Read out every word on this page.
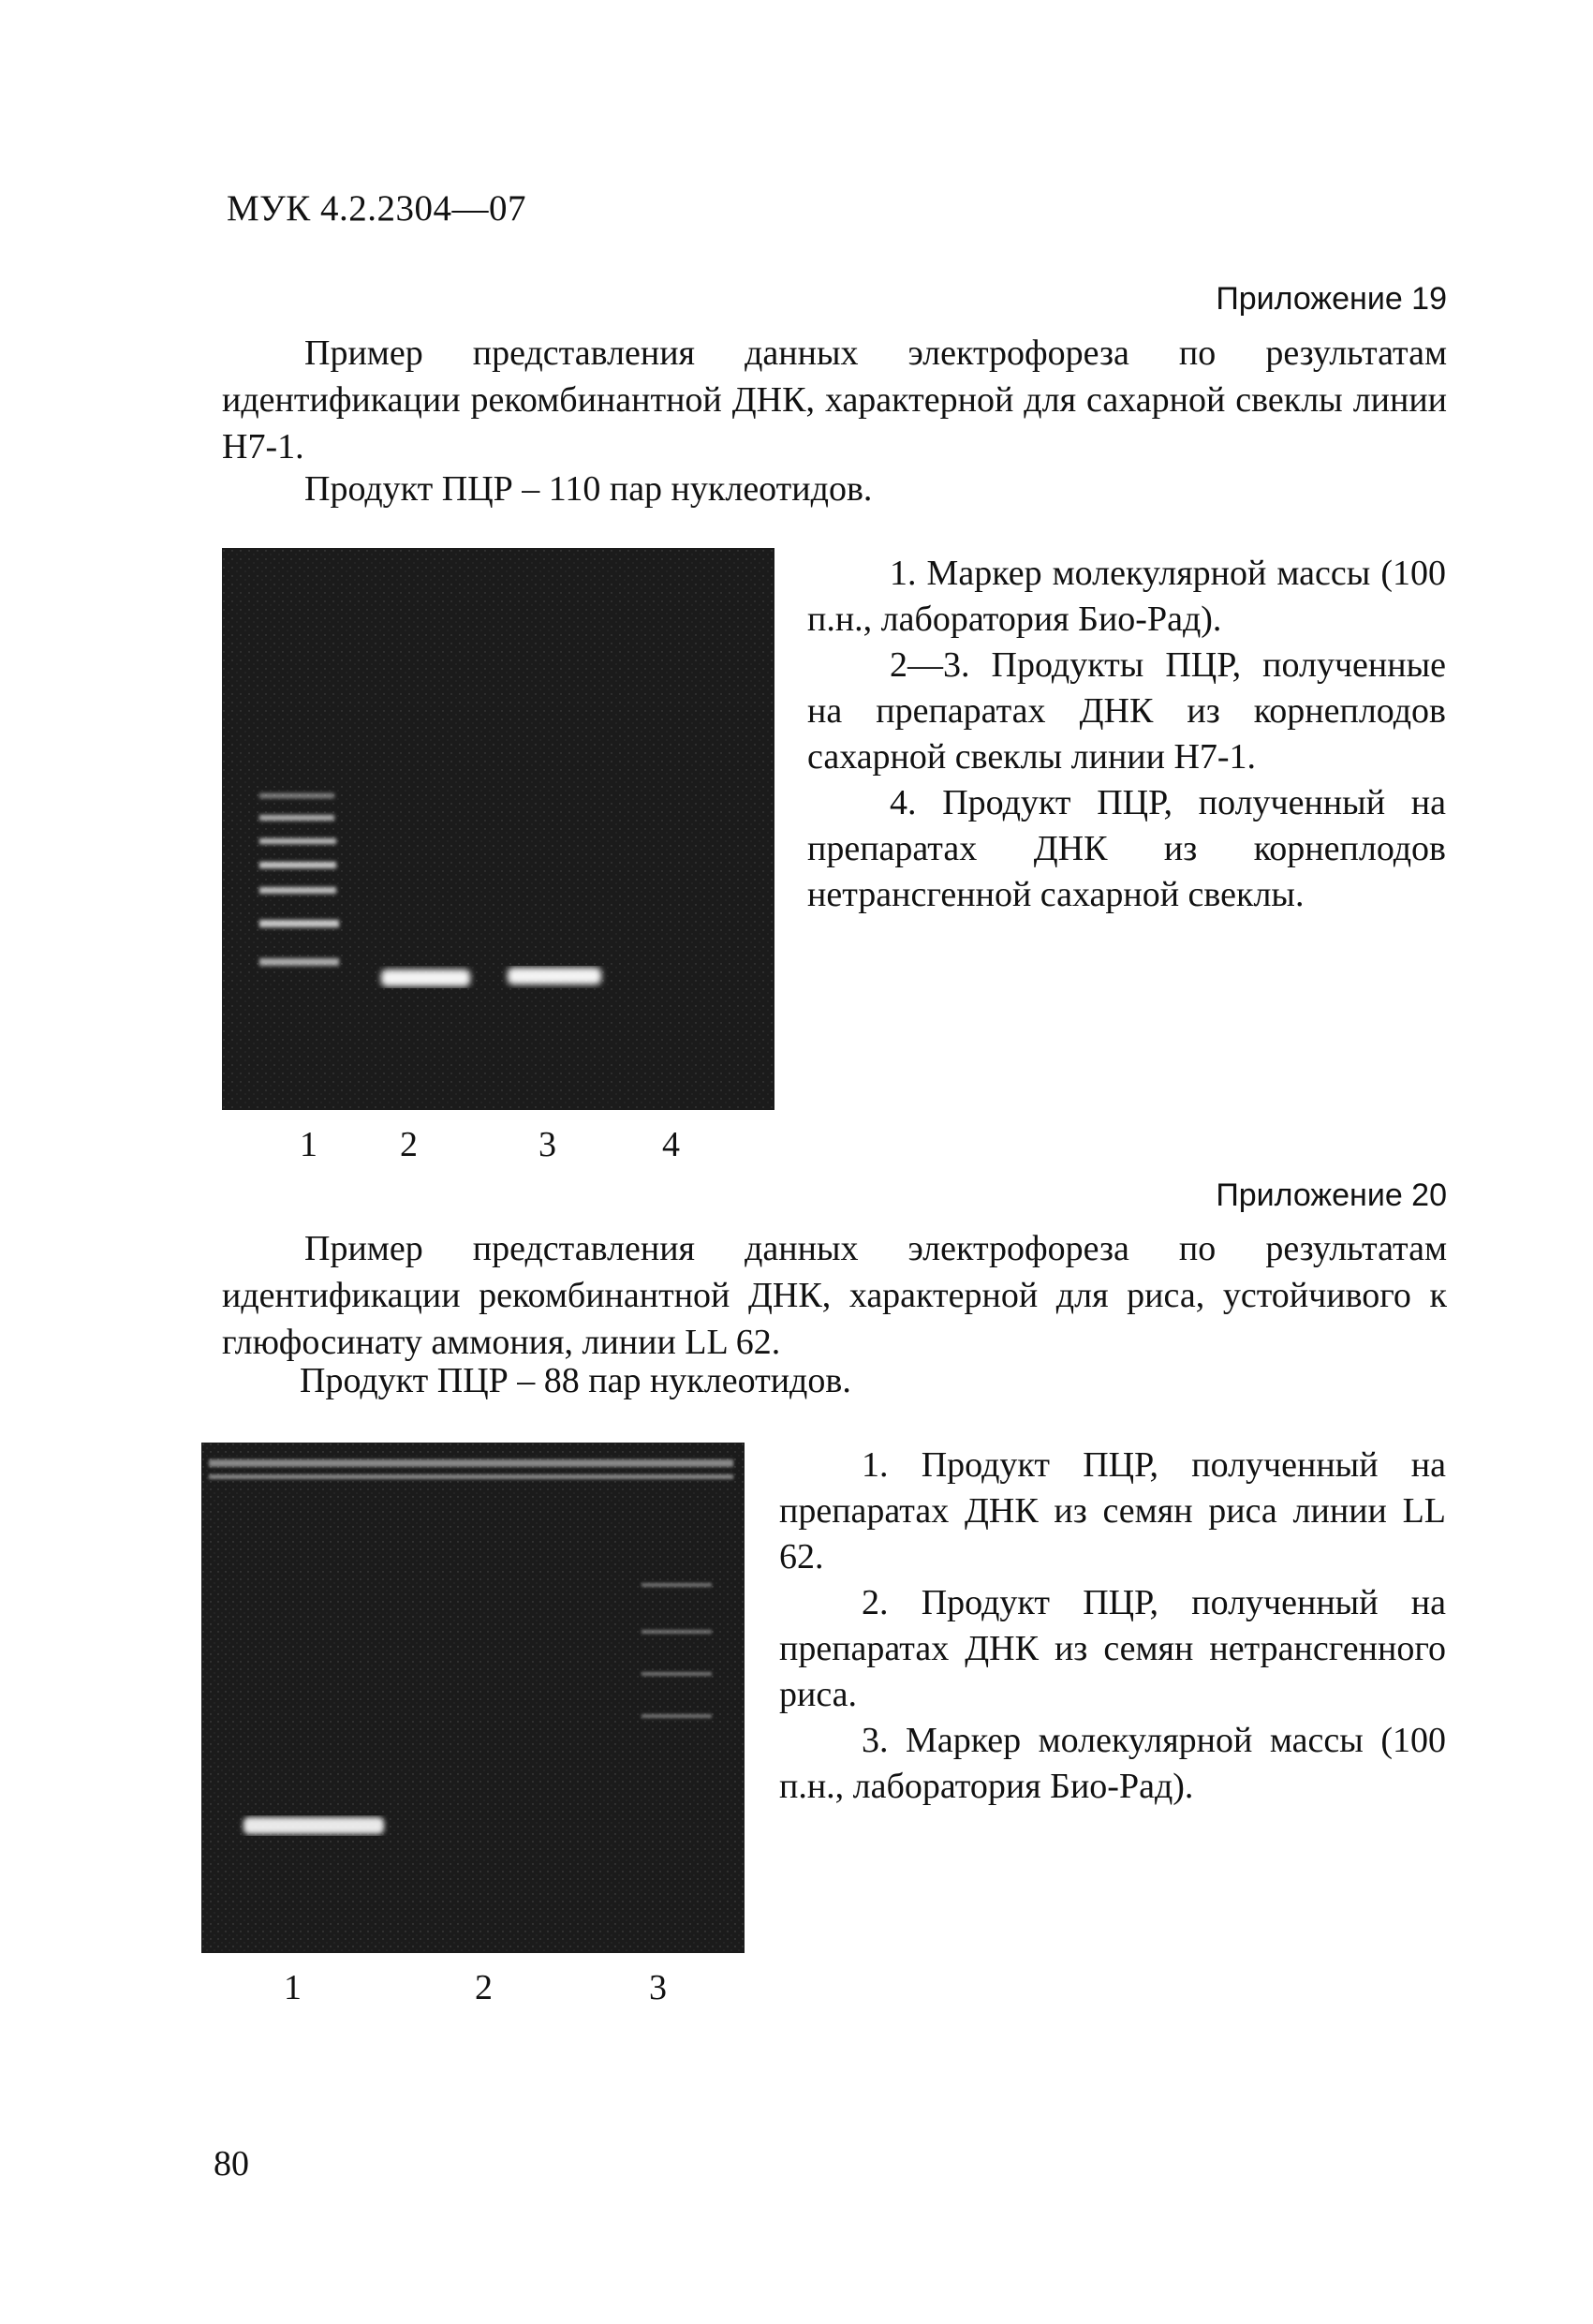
МУК 4.2.2304—07
Приложение 19
Пример представления данных электрофореза по результатам идентификации рекомбинантной ДНК, характерной для сахарной свеклы линии Н7-1.
Продукт ПЦР – 110 пар нуклеотидов.

1. Маркер молекулярной массы (100 п.н., лаборатория Био-Рад).

2—3. Продукты ПЦР, полученные на препаратах ДНК из корнеплодов сахарной свеклы линии Н7-1.

4. Продукт ПЦР, полученный на препаратах ДНК из корнеплодов нетрансгенной сахарной свеклы.

1 2	3	4
Приложение 20
Пример представления данных электрофореза по результатам идентификации рекомбинантной ДНК, характерной для риса, устойчивого к глюфосинату аммония, линии LL 62.
Продукт ПЦР – 88 пар нуклеотидов.

1. Продукт ПЦР, полученный на препаратах ДНК из семян риса линии LL 62.

2. Продукт ПЦР, полученный на препаратах ДНК из семян нетрансгенного риса.

3. Маркер молекулярной массы (100 п.н., лаборатория Био-Рад).

1	2	3
80
